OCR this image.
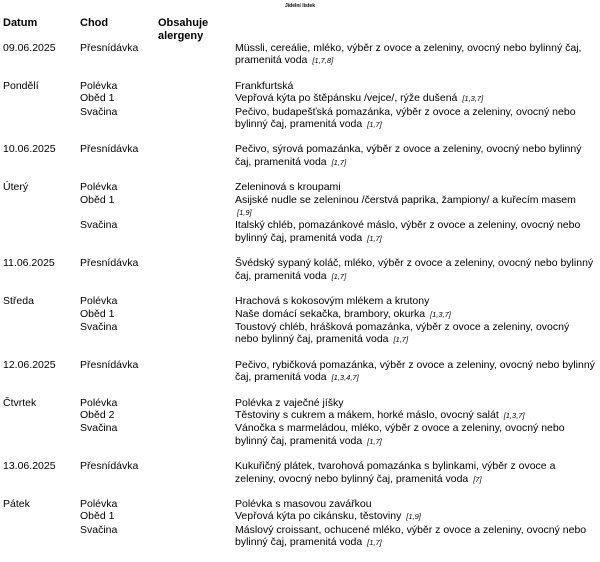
Jídelní lístek
Datum	Chod	Obsahuje alergeny
09.06.2025	Přesnídávka	Müssli, cereálie, mléko, výběr z ovoce a zeleniny, ovocný nebo bylinný čaj, pramenitá voda [1,7,8]
Pondělí	Polévka	Frankfurtská
Oběd 1	Vepřová kýta po štěpánsku /vejce/, rýže dušená [1,3,7]
Svačina	Pečivo, budapešťská pomazánka, výběr z ovoce a zeleniny, ovocný nebo bylinný čaj, pramenitá voda [1,7]
10.06.2025	Přesnídávka	Pečivo, sýrová pomazánka, výběr z ovoce a zeleniny, ovocný nebo bylinný čaj, pramenitá voda [1,7]
Úterý	Polévka	Zeleninová s kroupami
Oběd 1	Asijské nudle se zeleninou /čerstvá paprika, žampiony/ a kuřecím masem [1,9]
Svačina	Italský chléb, pomazánkové máslo, výběr z ovoce a zeleniny, ovocný nebo bylinný čaj, pramenitá voda [1,7]
11.06.2025	Přesnídávka	Švédský sypaný koláč, mléko, výběr z ovoce a zeleniny, ovocný nebo bylinný čaj, pramenitá voda [1,7]
Středa	Polévka	Hrachová s kokosovým mlékem a krutony
Oběd 1	Naše domácí sekačka, brambory, okurka [1,3,7]
Svačina	Toustový chléb, hrášková pomazánka, výběr z ovoce a zeleniny, ovocný nebo bylinný čaj, pramenitá voda [1,7]
12.06.2025	Přesnídávka	Pečivo, rybičková pomazánka, výběr z ovoce a zeleniny, ovocný nebo bylinný čaj, pramenitá voda [1,3,4,7]
Čtvrtek	Polévka	Polévka z vaječné jíšky
Oběd 2	Těstoviny s cukrem a mákem, horké máslo, ovocný salát [1,3,7]
Svačina	Vánočka s marmeládou, mléko, výběr z ovoce a zeleniny, ovocný nebo bylinný čaj, pramenitá voda [1,7]
13.06.2025	Přesnídávka	Kukuřičný plátek, tvarohová pomazánka s bylinkami, výběr z ovoce a zeleniny, ovocný nebo bylinný čaj, pramenitá voda [7]
Pátek	Polévka	Polévka s masovou zavářkou
Oběd 1	Vepřová kýta po cikánsku, těstoviny [1,9]
Svačina	Máslový croissant, ochucené mléko, výběr z ovoce a zeleniny, ovocný nebo bylinný čaj, pramenitá voda [1,7]
